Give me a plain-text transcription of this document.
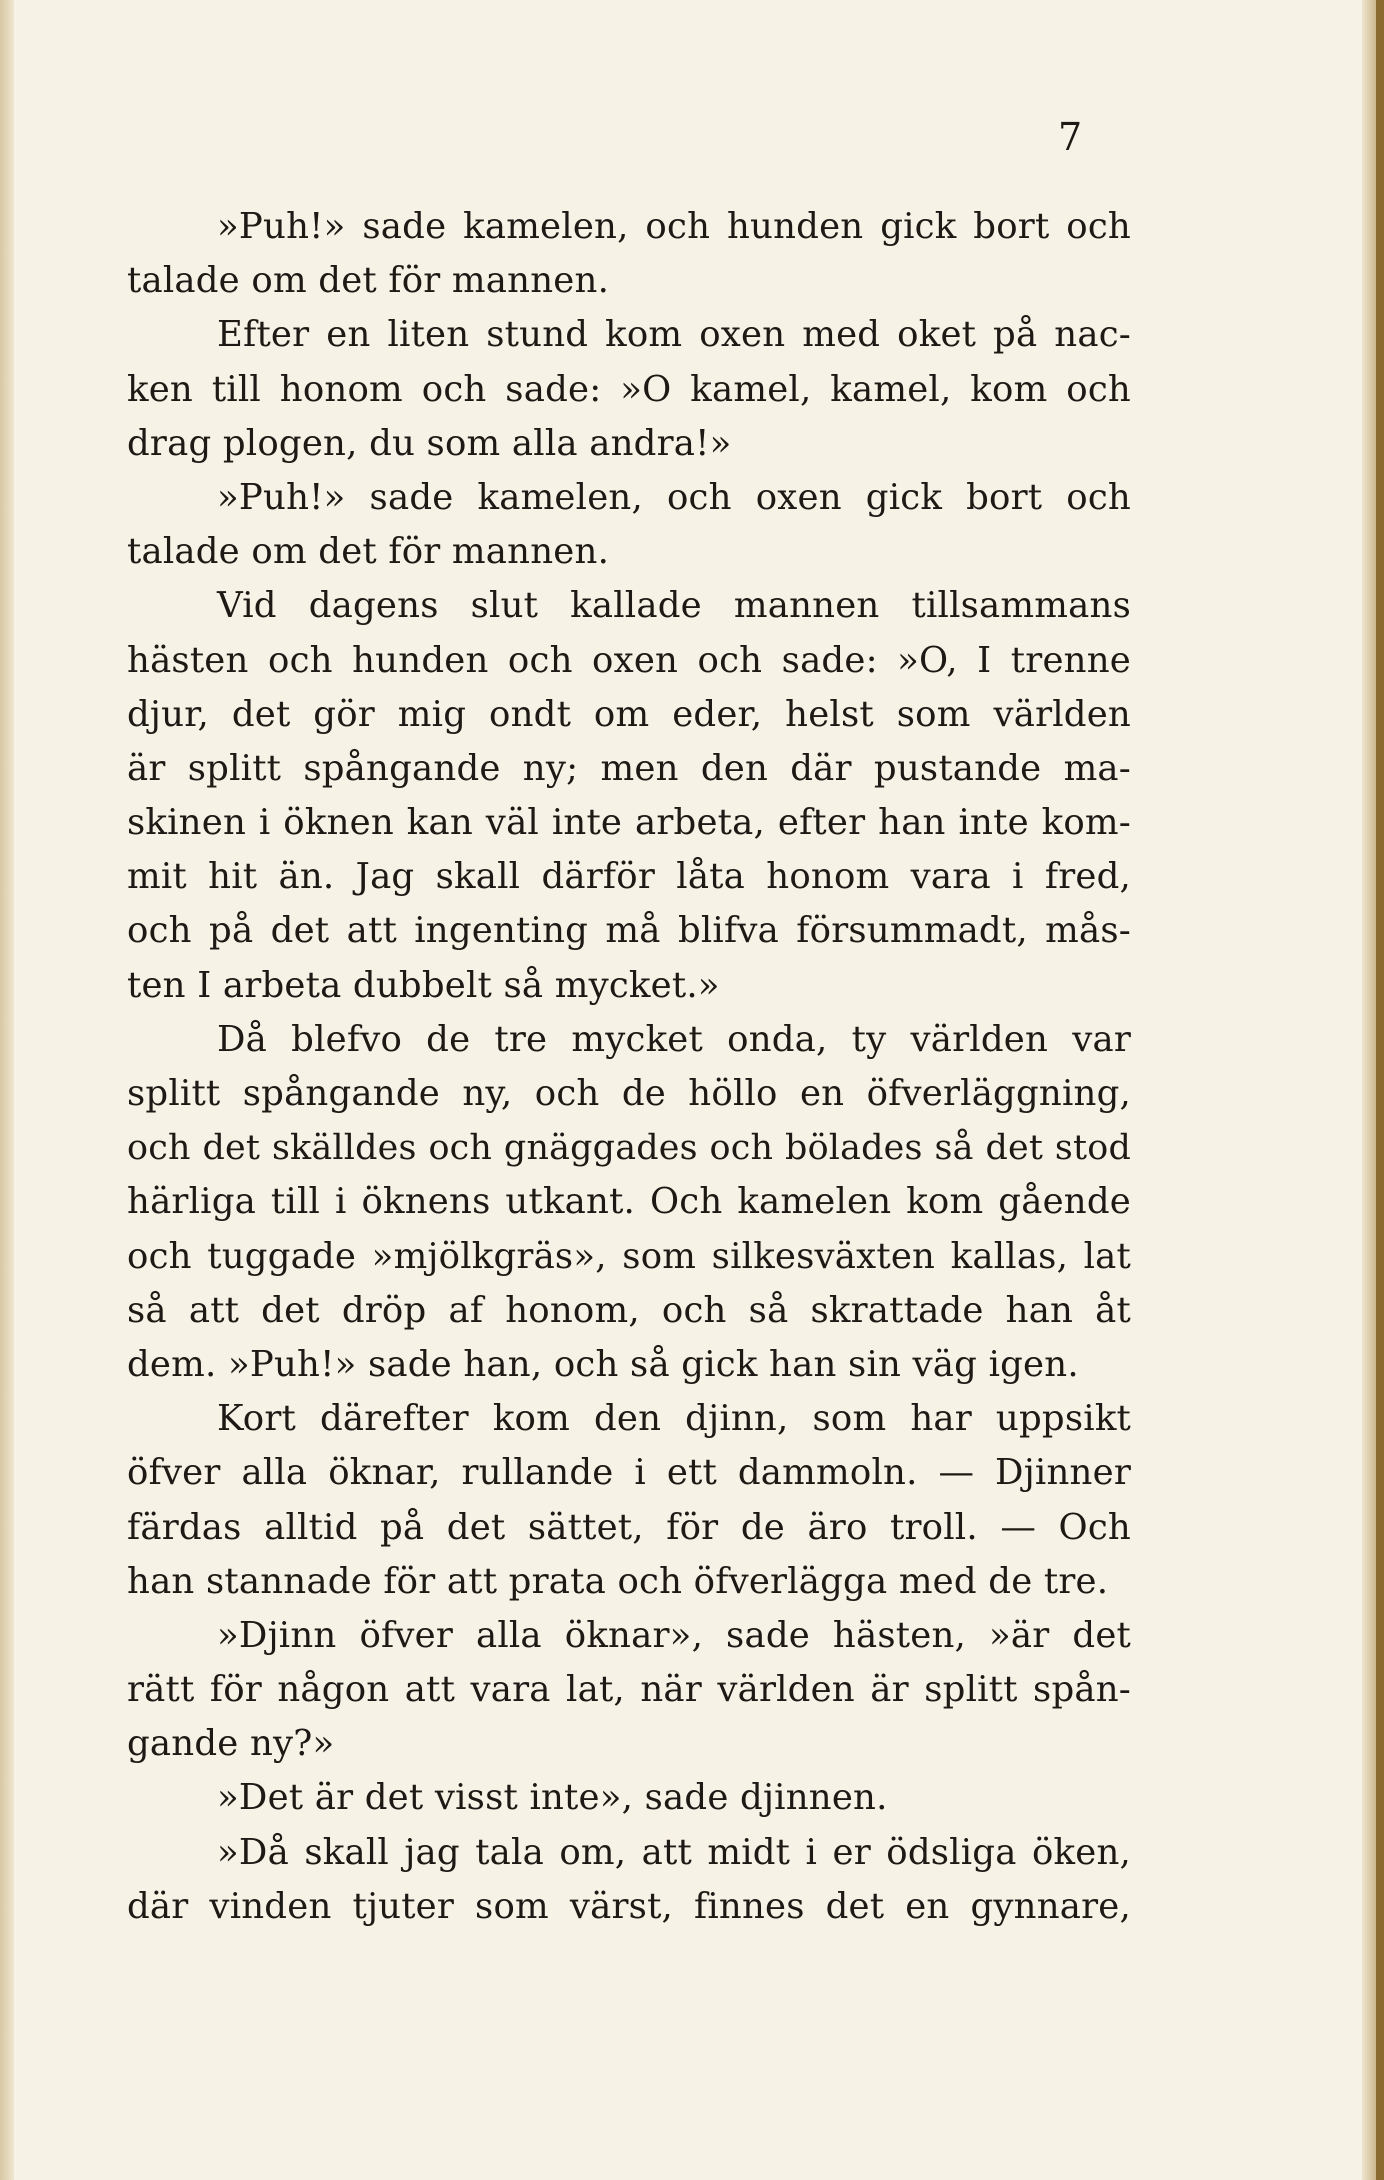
7
»Puh!» sade kamelen, och hunden gick bort och
talade om det för mannen.
Efter en liten stund kom oxen med oket på nac-
ken till honom och sade: »O kamel, kamel, kom och
drag plogen, du som alla andra!»
»Puh!» sade kamelen, och oxen gick bort och
talade om det för mannen.
Vid dagens slut kallade mannen tillsammans
hästen och hunden och oxen och sade: »O, I trenne
djur, det gör mig ondt om eder, helst som världen
är splitt spångande ny; men den där pustande ma-
skinen i öknen kan väl inte arbeta, efter han inte kom-
mit hit än. Jag skall därför låta honom vara i fred,
och på det att ingenting må blifva försummadt, mås-
ten I arbeta dubbelt så mycket.»
Då blefvo de tre mycket onda, ty världen var
splitt spångande ny, och de höllo en öfverläggning,
och det skälldes och gnäggades och bölades så det stod
härliga till i öknens utkant. Och kamelen kom gående
och tuggade »mjölkgräs», som silkesväxten kallas, lat
så att det dröp af honom, och så skrattade han åt
dem. »Puh!» sade han, och så gick han sin väg igen.
Kort därefter kom den djinn, som har uppsikt
öfver alla öknar, rullande i ett dammoln. — Djinner
färdas alltid på det sättet, för de äro troll. — Och
han stannade för att prata och öfverlägga med de tre.
»Djinn öfver alla öknar», sade hästen, »är det
rätt för någon att vara lat, när världen är splitt spån-
gande ny?»
»Det är det visst inte», sade djinnen.
»Då skall jag tala om, att midt i er ödsliga öken,
där vinden tjuter som värst, finnes det en gynnare,
